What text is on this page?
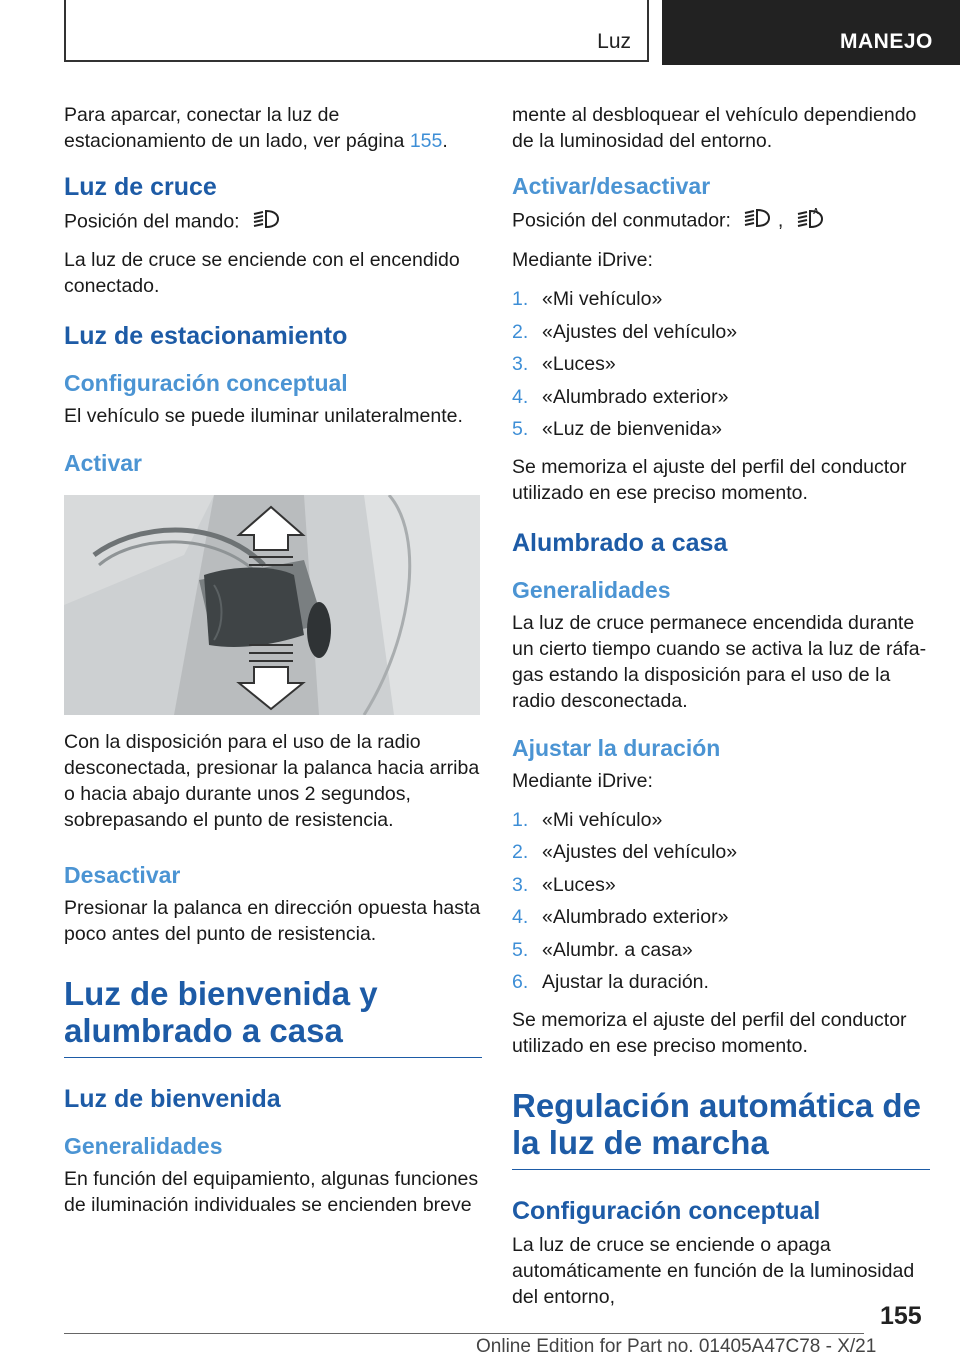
Luz	MANEJO

Para aparcar, conectar la luz de estacionamiento de un lado, ver página 155.

Luz de cruce

Posición del mando:

La luz de cruce se enciende con el encendido conectado.

Luz de estacionamiento
Configuración conceptual

El vehículo se puede iluminar unilateralmente.

Activar

Con la disposición para el uso de la radio desconectada, presionar la palanca hacia arriba o hacia abajo durante unos 2 segundos, sobrepasando el punto de resistencia.

Desactivar

Presionar la palanca en dirección opuesta hasta poco antes del punto de resistencia.

Luz de bienvenida y alumbrado a casa
Luz de bienvenida
Generalidades

En función del equipamiento, algunas funciones de iluminación individuales se encienden breve

mente al desbloquear el vehículo dependiendo de la luminosidad del entorno.

Activar/desactivar

Posición del conmutador: ,	A

Mediante iDrive:

1. «Mi vehículo»
2. «Ajustes del vehículo»
3. «Luces»
4. «Alumbrado exterior»
5. «Luz de bienvenida»

Se memoriza el ajuste del perfil del conductor utilizado en ese preciso momento.

Alumbrado a casa
Generalidades

La luz de cruce permanece encendida durante un cierto tiempo cuando se activa la luz de ráfagas estando la disposición para el uso de la radio desconectada.

Ajustar la duración

Mediante iDrive:

1. «Mi vehículo»
2. «Ajustes del vehículo»
3. «Luces»
4. «Alumbrado exterior»
5. «Alumbr. a casa»
6. Ajustar la duración.

Se memoriza el ajuste del perfil del conductor utilizado en ese preciso momento.

Regulación automática de la luz de marcha
Configuración conceptual

La luz de cruce se enciende o apaga automáticamente en función de la luminosidad del entorno,

155
Online Edition for Part no. 01405A47C78 - X/21
